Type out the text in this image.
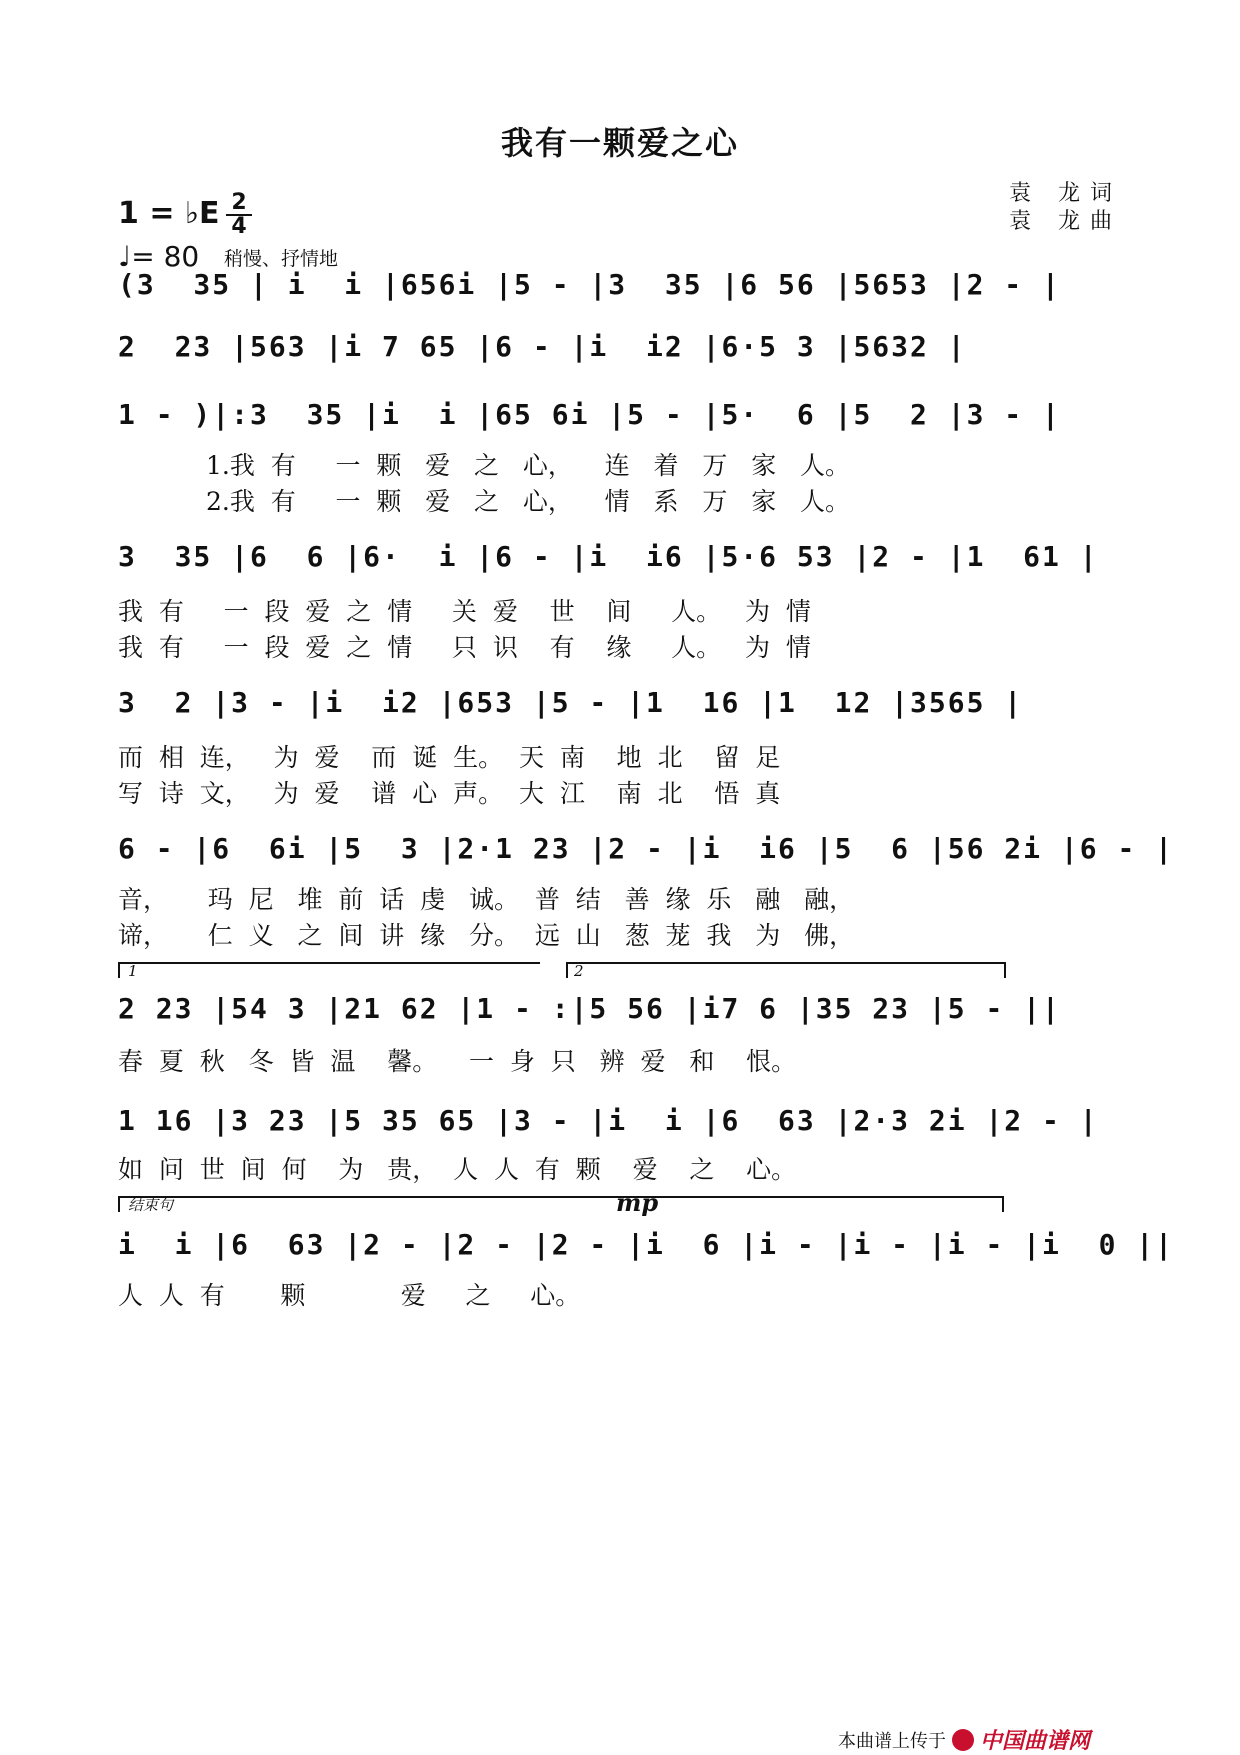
我有一颗爱之心
袁 龙词
袁 龙曲
1 = ♭E 2
4
♩= 80 稍慢、抒情地
(3  35 | i  i |656i |5 - |3  35 |6 56 |5653 |2 - |
2  23 |563 |i 7 65 |6 - |i  i2 |6·5 3 |5632 |
1 - )|:3  35 |i  i |65 6i |5 - |5·  6 |5  2 |3 - |
1.我  有     一  颗   爱   之   心，    连   着   万   家   人。
2.我  有     一  颗   爱   之   心，    情   系   万   家   人。
3  35 |6  6 |6·  i |6 - |i  i6 |5·6 53 |2 - |1  61 |
我  有     一  段  爱  之  情     关  爱    世    间     人。   为  情
我  有     一  段  爱  之  情     只  识    有    缘     人。   为  情
3  2 |3 - |i  i2 |653 |5 - |1  16 |1  12 |3565 |
而  相  连，   为  爱    而  诞  生。  天  南    地  北    留  足
写  诗  文，   为  爱    谱  心  声。  大  江    南  北    悟  真
6 - |6  6i |5  3 |2·1 23 |2 - |i  i6 |5  6 |56 2i |6 - |
音，     玛  尼   堆  前  话  虔   诚。  普  结   善  缘  乐   融   融，
谛，     仁  义   之  间  讲  缘   分。  远  山   葱  茏  我   为   佛，
1	2
2 23 |54 3 |21 62 |1 - :|5 56 |i7 6 |35 23 |5 - ||
春  夏  秋   冬  皆  温    馨。    一  身  只   辨  爱   和    恨。
1 16 |3 23 |5 35 65 |3 - |i  i |6  63 |2·3 2i |2 - |
如  问  世  间  何    为   贵，  人  人  有  颗    爱    之    心。
结束句	mp
i  i |6  63 |2 - |2 - |2 - |i  6 |i - |i - |i - |i  0 ||
人  人  有       颗            爱     之     心。
本曲谱上传于 中国曲谱网
